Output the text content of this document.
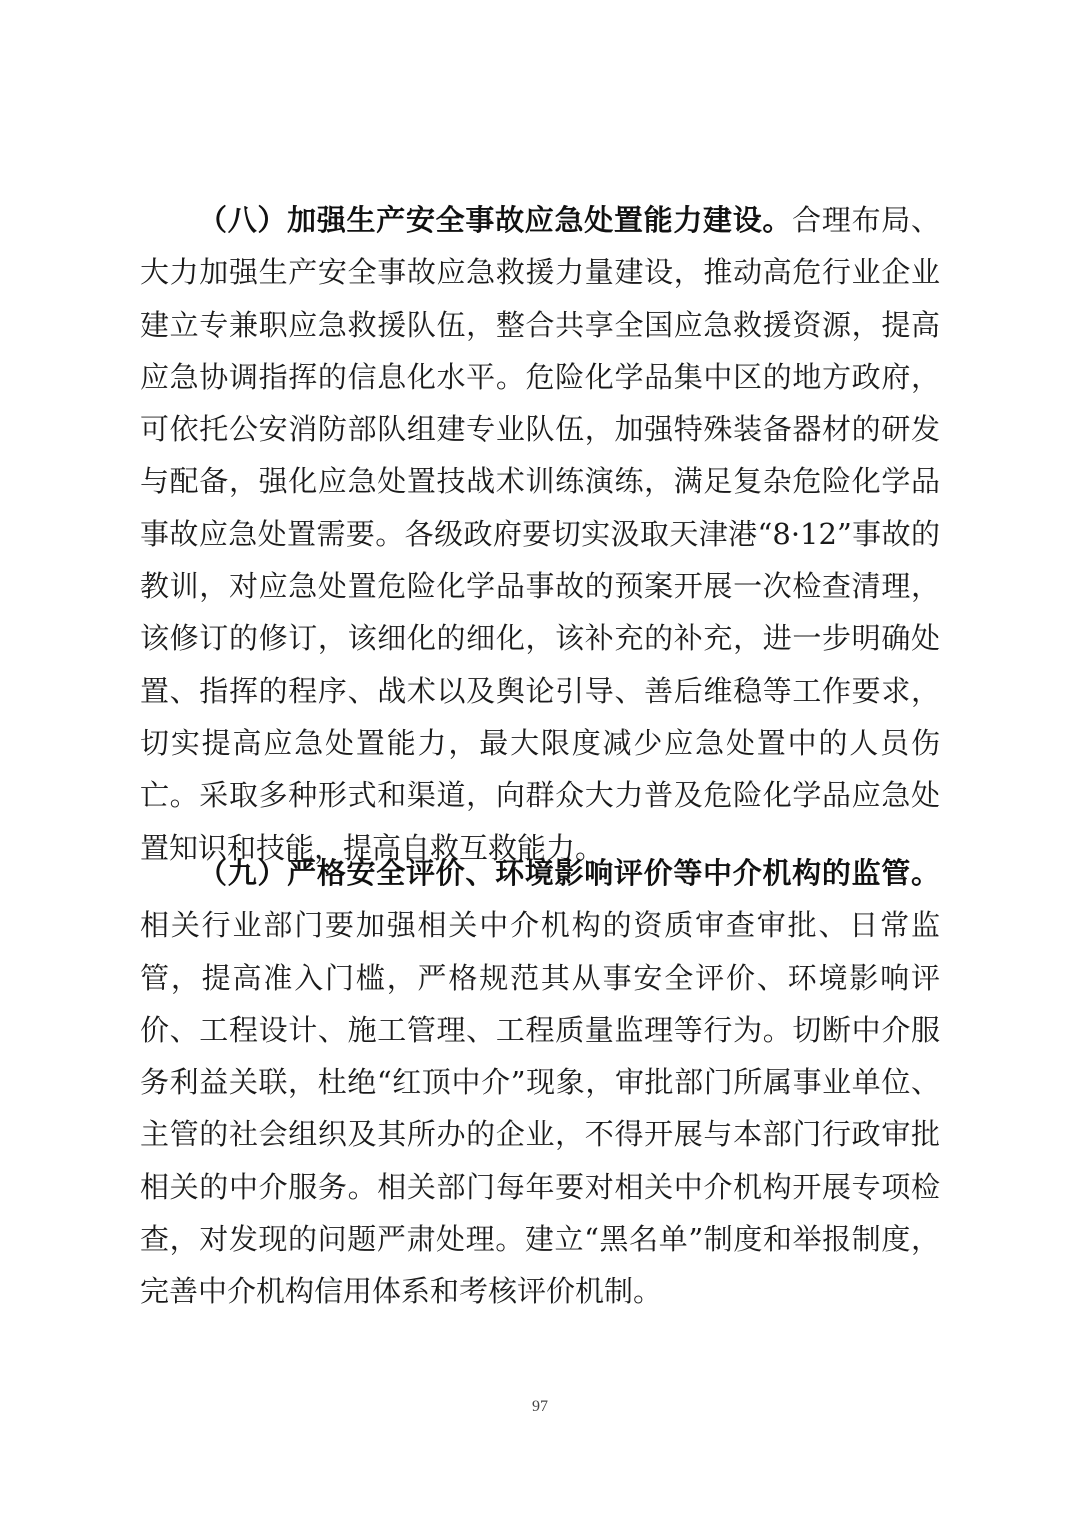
（八）加强生产安全事故应急处置能力建设。合理布局、大力加强生产安全事故应急救援力量建设，推动高危行业企业建立专兼职应急救援队伍，整合共享全国应急救援资源，提高应急协调指挥的信息化水平。危险化学品集中区的地方政府，可依托公安消防部队组建专业队伍，加强特殊装备器材的研发与配备，强化应急处置技战术训练演练，满足复杂危险化学品事故应急处置需要。各级政府要切实汲取天津港“8·12”事故的教训，对应急处置危险化学品事故的预案开展一次检查清理，该修订的修订，该细化的细化，该补充的补充，进一步明确处置、指挥的程序、战术以及舆论引导、善后维稳等工作要求，切实提高应急处置能力，最大限度减少应急处置中的人员伤亡。采取多种形式和渠道，向群众大力普及危险化学品应急处置知识和技能，提高自救互救能力。

（九）严格安全评价、环境影响评价等中介机构的监管。相关行业部门要加强相关中介机构的资质审查审批、日常监管，提高准入门槛，严格规范其从事安全评价、环境影响评价、工程设计、施工管理、工程质量监理等行为。切断中介服务利益关联，杜绝“红顶中介”现象，审批部门所属事业单位、主管的社会组织及其所办的企业，不得开展与本部门行政审批相关的中介服务。相关部门每年要对相关中介机构开展专项检查，对发现的问题严肃处理。建立“黑名单”制度和举报制度，完善中介机构信用体系和考核评价机制。

97
